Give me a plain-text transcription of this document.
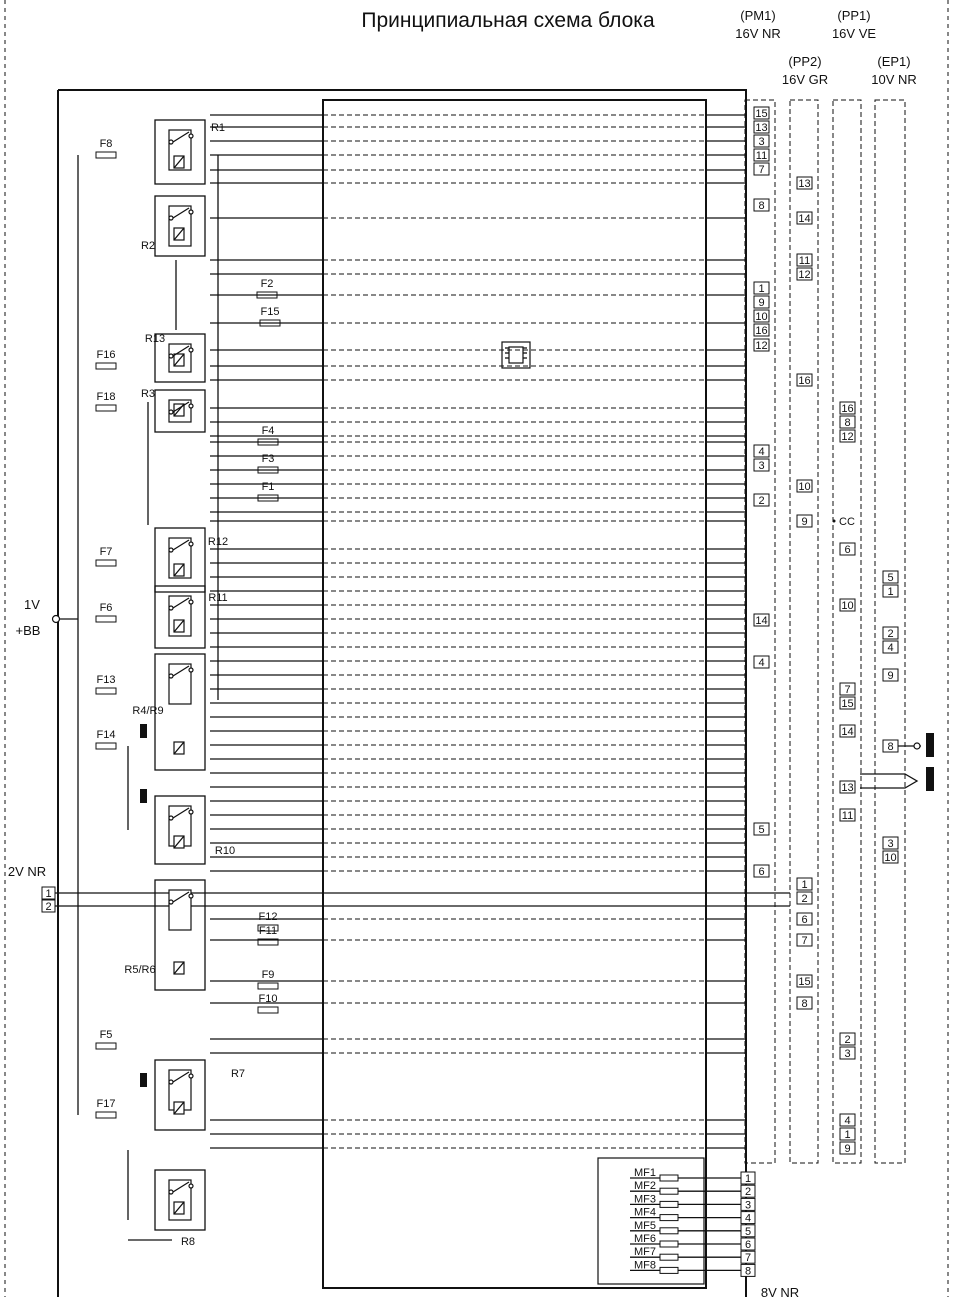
Принципиальная схема блока	(PM1)
16V NR
(PP1)
16V VE
(PP2)
16V GR
(EP1)
10V NR
1V
+BB
2V NR
1
2
8V NR
CC
F8
F2
F15
F16
F18
F4
F3
F1
F7
F6
F13
F14
F12
F11
F9
F10
F5
F17
R1
R2
R13
R3
R12
R11
R4/R9
R10
R5/R6
R7
R8
15
13
3
11
7
8
1
9
10
16
12
4
3
2
14
4
5
6
13
14
11
12
16
10
9
1
2
6
7
15
8
16
8
12
6
10
7
15
14
13
11
2
3
4
1
9
5
1
2
4
9
8
3
10
1
2
3
4
5
6
7
8
MF1
MF2
MF3
MF4
MF5
MF6
MF7
MF8
